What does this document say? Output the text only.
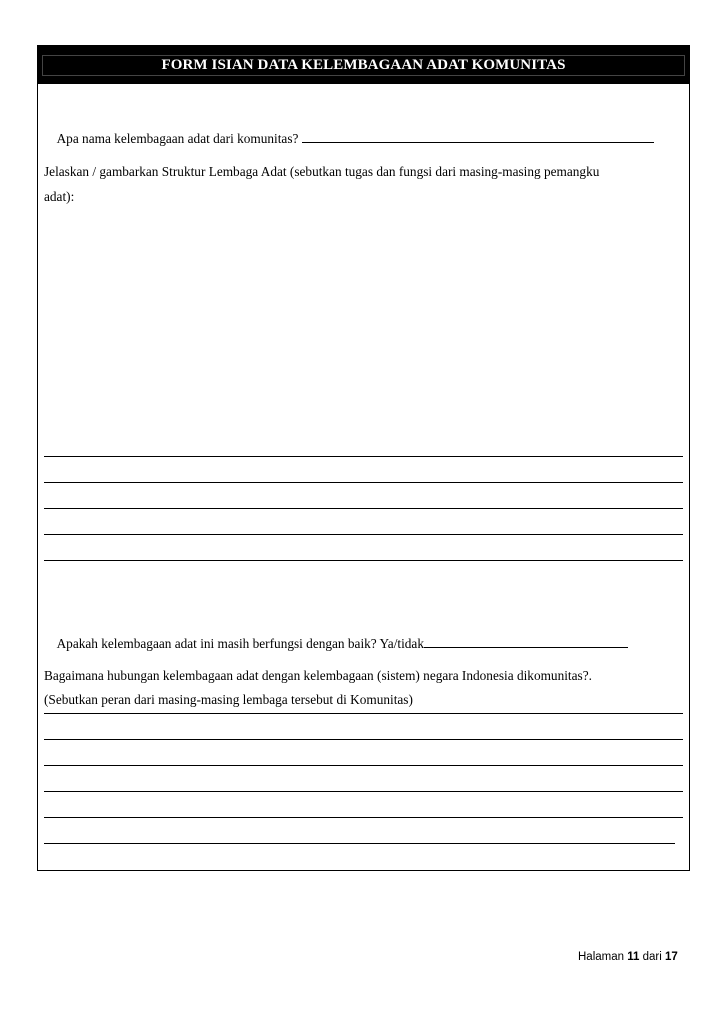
FORM ISIAN DATA KELEMBAGAAN ADAT KOMUNITAS

Apa nama kelembagaan adat dari komunitas?

Jelaskan / gambarkan Struktur Lembaga Adat (sebutkan tugas dan fungsi dari masing-masing pemangku
adat):

Apakah kelembagaan adat ini masih berfungsi dengan baik? Ya/tidak

Bagaimana hubungan kelembagaan adat dengan kelembagaan (sistem) negara Indonesia dikomunitas?.
(Sebutkan peran dari masing-masing lembaga tersebut di Komunitas)
Halaman 11 dari 17
